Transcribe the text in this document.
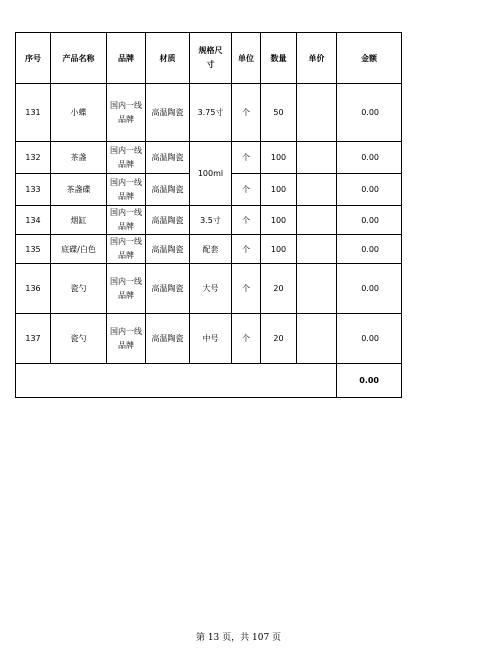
序号	产品名称	品牌	材质	规格尺寸	单位	数量	单价	金额
131	小蝶	国内一线品牌	高温陶瓷	3.75寸	个	50		0.00
132	茶盏	国内一线品牌	高温陶瓷	100ml	个	100		0.00
133	茶盏碟	国内一线品牌	高温陶瓷		个	100		0.00
134	烟缸	国内一线品牌	高温陶瓷	3.5寸	个	100		0.00
135	底碟/白色	国内一线品牌	高温陶瓷	配套	个	100		0.00
136	瓷勺	国内一线品牌	高温陶瓷	大号	个	20		0.00
137	瓷勺	国内一线品牌	高温陶瓷	中号	个	20		0.00
								0.00
第 13 页，共 107 页
